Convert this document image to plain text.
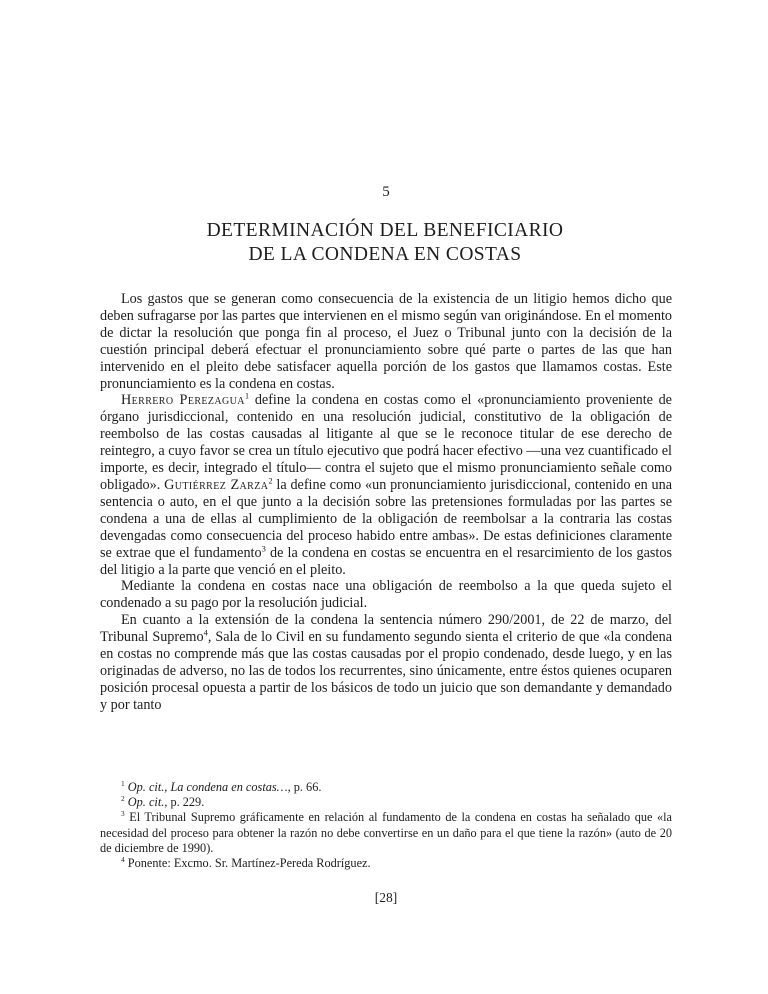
5
DETERMINACIÓN DEL BENEFICIARIO
DE LA CONDENA EN COSTAS

Los gastos que se generan como consecuencia de la existencia de un litigio hemos dicho que deben sufragarse por las partes que intervienen en el mismo según van originándose. En el momento de dictar la resolución que ponga fin al proceso, el Juez o Tribunal junto con la decisión de la cuestión principal deberá efectuar el pronunciamiento sobre qué parte o partes de las que han intervenido en el pleito debe satisfacer aquella porción de los gastos que llamamos costas. Este pronunciamiento es la condena en costas.

Herrero Perezagua$^1$ define la condena en costas como el «pronunciamiento proveniente de órgano jurisdiccional, contenido en una resolución judicial, constitutivo de la obligación de reembolso de las costas causadas al litigante al que se le reconoce titular de ese derecho de reintegro, a cuyo favor se crea un título ejecutivo que podrá hacer efectivo —una vez cuantificado el importe, es decir, integrado el título— contra el sujeto que el mismo pronunciamiento señale como obligado». Gutiérrez Zarza$^2$ la define como «un pronunciamiento jurisdiccional, contenido en una sentencia o auto, en el que junto a la decisión sobre las pretensiones formuladas por las partes se condena a una de ellas al cumplimiento de la obligación de reembolsar a la contraria las costas devengadas como consecuencia del proceso habido entre ambas». De estas definiciones claramente se extrae que el fundamento$^3$ de la condena en costas se encuentra en el resarcimiento de los gastos del litigio a la parte que venció en el pleito.

Mediante la condena en costas nace una obligación de reembolso a la que queda sujeto el condenado a su pago por la resolución judicial.

En cuanto a la extensión de la condena la sentencia número 290/2001, de 22 de marzo, del Tribunal Supremo$^4$, Sala de lo Civil en su fundamento segundo sienta el criterio de que «la condena en costas no comprende más que las costas causadas por el propio condenado, desde luego, y en las originadas de adverso, no las de todos los recurrentes, sino únicamente, entre éstos quienes ocuparen posición procesal opuesta a partir de los básicos de todo un juicio que son demandante y demandado y por tanto

$^1$ Op. cit., La condena en costas…, p. 66.

$^2$ Op. cit., p. 229.

$^3$ El Tribunal Supremo gráficamente en relación al fundamento de la condena en costas ha señalado que «la necesidad del proceso para obtener la razón no debe convertirse en un daño para el que tiene la razón» (auto de 20 de diciembre de 1990).

$^4$ Ponente: Excmo. Sr. Martínez-Pereda Rodríguez.

[28]
